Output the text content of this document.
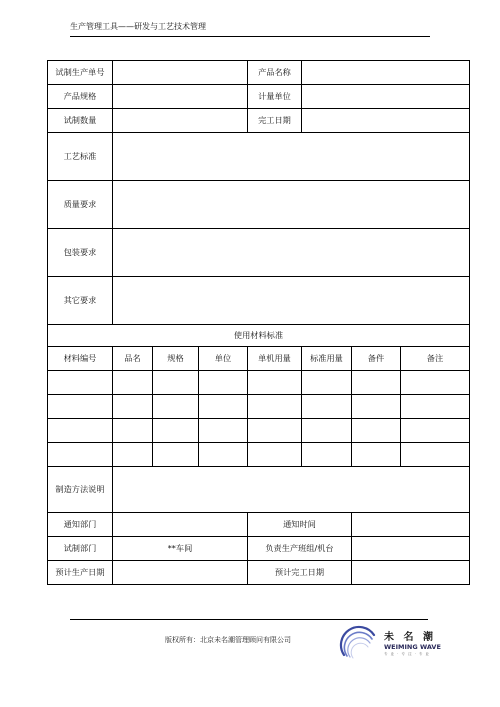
生产管理工具——研发与工艺技术管理
试制生产单号				产品名称			
产品规格				计量单位			
试制数量				完工日期			
工艺标准							
质量要求							
包装要求							
其它要求							
使用材料标准							
材料编号	品名	规格	单位	单机用量	标准用量	备件	备注

制造方法说明							
通知部门				通知时间			
试制部门	**车间			负责生产班组/机台			
预计生产日期				预计完工日期			
版权所有：北京未名潮管理顾问有限公司	未 名 潮
WEIMING WAVE
专 业 · 专 注 · 专 业
